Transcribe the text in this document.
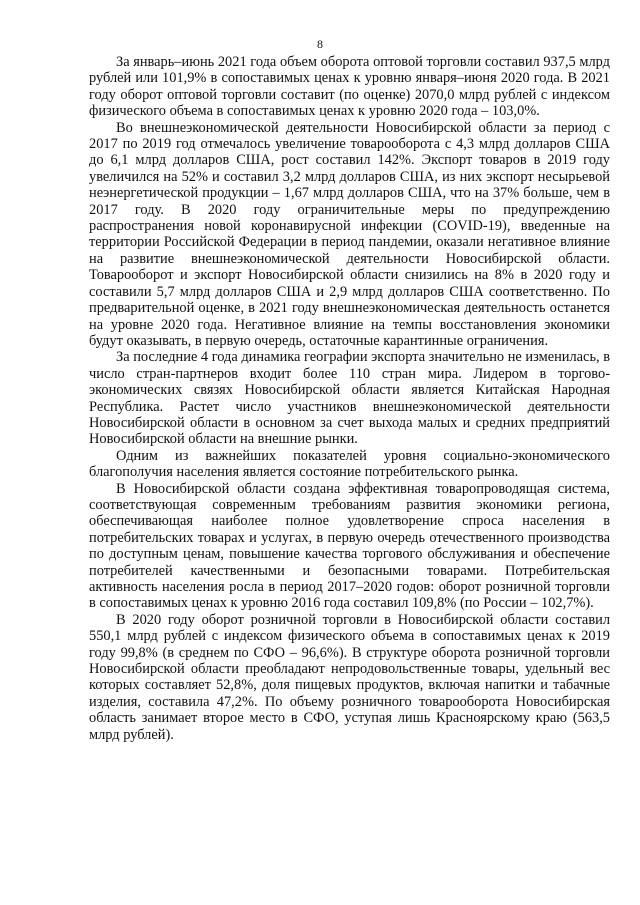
8

За январь–июнь 2021 года объем оборота оптовой торговли составил 937,5 млрд рублей или 101,9% в сопоставимых ценах к уровню января–июня 2020 года. В 2021 году оборот оптовой торговли составит (по оценке) 2070,0 млрд рублей с индексом физического объема в сопоставимых ценах к уровню 2020 года – 103,0%.

Во внешнеэкономической деятельности Новосибирской области за период с 2017 по 2019 год отмечалось увеличение товарооборота с 4,3 млрд долларов США до 6,1 млрд долларов США, рост составил 142%. Экспорт товаров в 2019 году увеличился на 52% и составил 3,2 млрд долларов США, из них экспорт несырьевой неэнергетической продукции – 1,67 млрд долларов США, что на 37% больше, чем в 2017 году. В 2020 году ограничительные меры по предупреждению распространения новой коронавирусной инфекции (COVID-19), введенные на территории Российской Федерации в период пандемии, оказали негативное влияние на развитие внешнеэкономической деятельности Новосибирской области. Товарооборот и экспорт Новосибирской области снизились на 8% в 2020 году и составили 5,7 млрд долларов США и 2,9 млрд долларов США соответственно. По предварительной оценке, в 2021 году внешнеэкономическая деятельность останется на уровне 2020 года. Негативное влияние на темпы восстановления экономики будут оказывать, в первую очередь, остаточные карантинные ограничения.

За последние 4 года динамика географии экспорта значительно не изменилась, в число стран-партнеров входит более 110 стран мира. Лидером в торгово-экономических связях Новосибирской области является Китайская Народная Республика. Растет число участников внешнеэкономической деятельности Новосибирской области в основном за счет выхода малых и средних предприятий Новосибирской области на внешние рынки.

Одним из важнейших показателей уровня социально-экономического благополучия населения является состояние потребительского рынка.

В Новосибирской области создана эффективная товаропроводящая система, соответствующая современным требованиям развития экономики региона, обеспечивающая наиболее полное удовлетворение спроса населения в потребительских товарах и услугах, в первую очередь отечественного производства по доступным ценам, повышение качества торгового обслуживания и обеспечение потребителей качественными и безопасными товарами. Потребительская активность населения росла в период 2017–2020 годов: оборот розничной торговли в сопоставимых ценах к уровню 2016 года составил 109,8% (по России – 102,7%).

В 2020 году оборот розничной торговли в Новосибирской области составил 550,1 млрд рублей с индексом физического объема в сопоставимых ценах к 2019 году 99,8% (в среднем по СФО – 96,6%). В структуре оборота розничной торговли Новосибирской области преобладают непродовольственные товары, удельный вес которых составляет 52,8%, доля пищевых продуктов, включая напитки и табачные изделия, составила 47,2%. По объему розничного товарооборота Новосибирская область занимает второе место в СФО, уступая лишь Красноярскому краю (563,5 млрд рублей).
